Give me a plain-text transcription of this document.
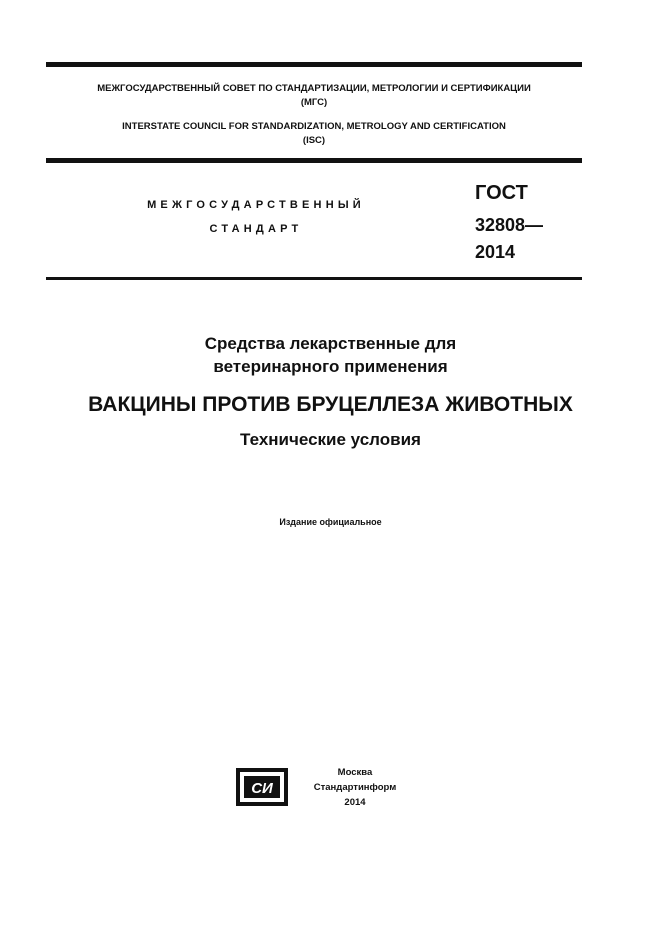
МЕЖГОСУДАРСТВЕННЫЙ СОВЕТ ПО СТАНДАРТИЗАЦИИ, МЕТРОЛОГИИ И СЕРТИФИКАЦИИ
(МГС)
INTERSTATE COUNCIL FOR STANDARDIZATION, METROLOGY AND CERTIFICATION
(ISC)
МЕЖГОСУДАРСТВЕННЫЙ
СТАНДАРТ
ГОСТ
32808—
2014
Средства лекарственные для
ветеринарного применения
ВАКЦИНЫ ПРОТИВ БРУЦЕЛЛЕЗА ЖИВОТНЫХ
Технические условия
Издание официальное
СИ
Москва
Стандартинформ
2014
